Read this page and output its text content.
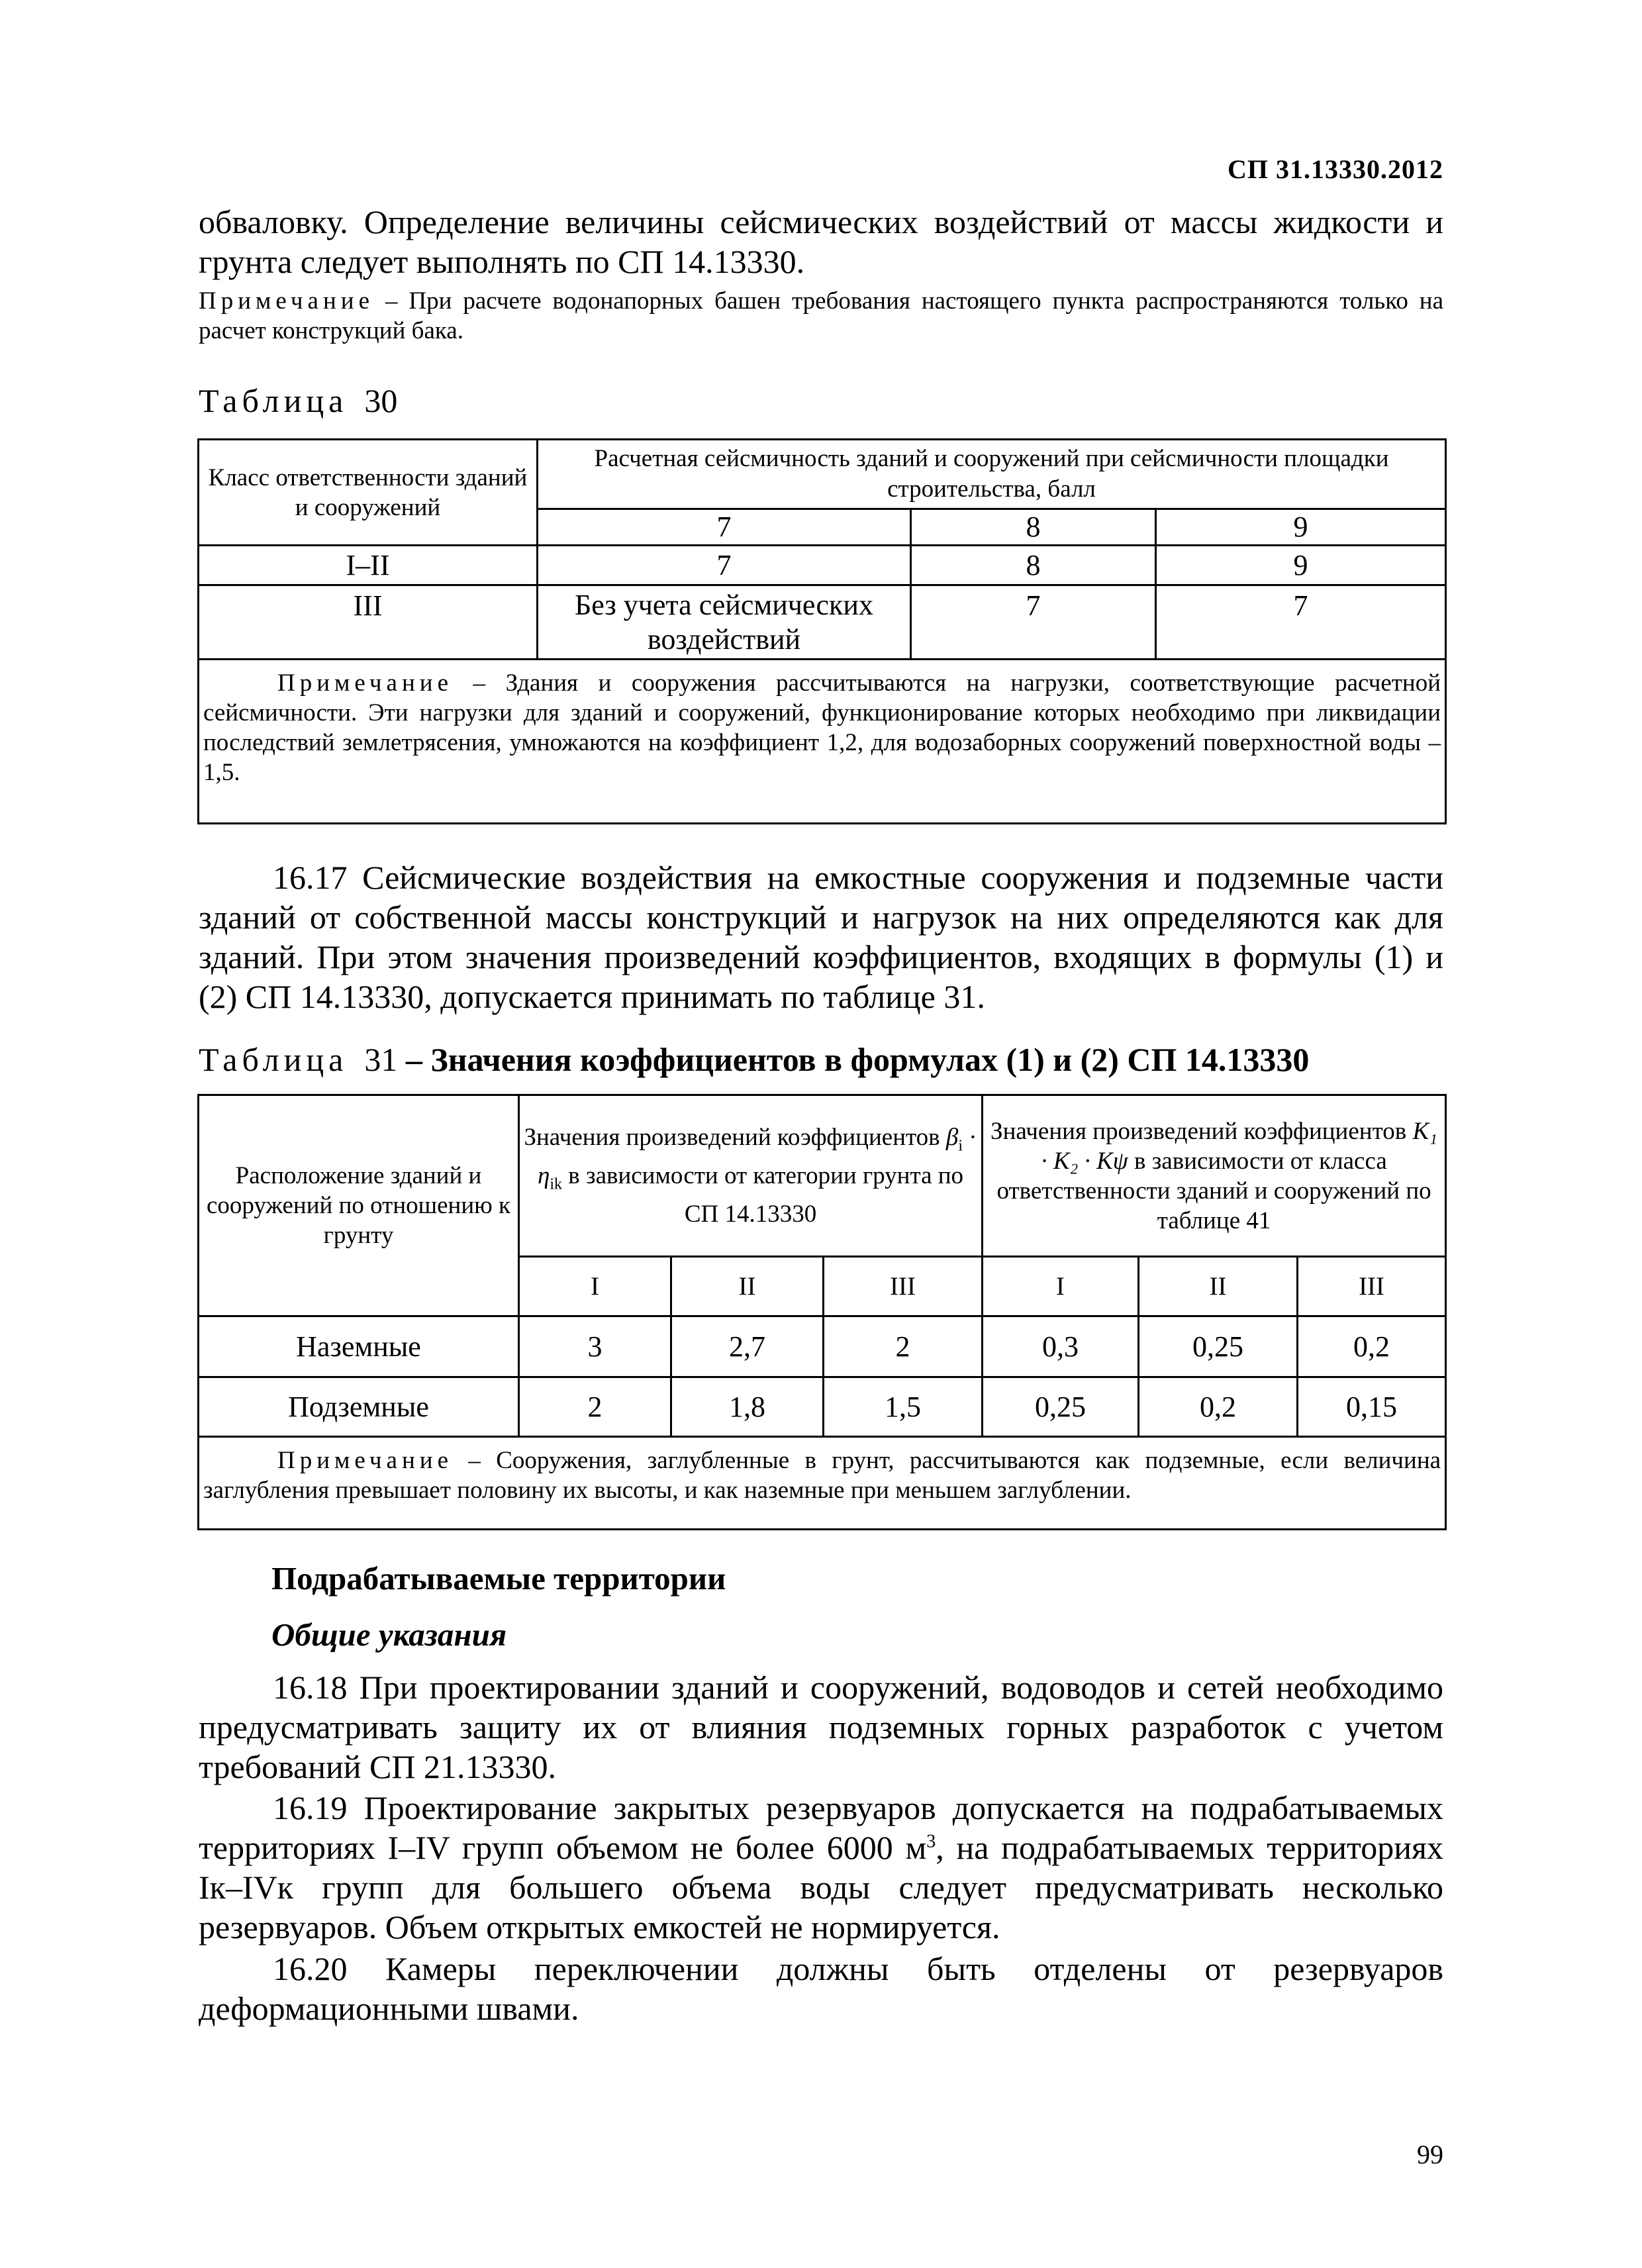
СП 31.13330.2012
обваловку. Определение величины сейсмических воздействий от массы жидкости и грунта следует выполнять по СП 14.13330.
Примечание – При расчете водонапорных башен требования настоящего пункта распространяются только на расчет конструкций бака.
Таблица 30
Класс ответственности зданий и сооружений	Расчетная сейсмичность зданий и сооружений при сейсмичности площадки строительства, балл		
	7	8	9
I–II	7	8	9
III	Без учета сейсмических воздействий	7	7
Примечание – Здания и сооружения рассчитываются на нагрузки, соответствующие расчетной сейсмичности. Эти нагрузки для зданий и сооружений, функционирование которых необходимо при ликвидации последствий землетрясения, умножаются на коэффициент 1,2, для водозаборных сооружений поверхностной воды – 1,5.			
16.17 Сейсмические воздействия на емкостные сооружения и подземные части зданий от собственной массы конструкций и нагрузок на них определяются как для зданий. При этом значения произведений коэффициентов, входящих в формулы (1) и (2) СП 14.13330, допускается принимать по таблице 31.
Таблица 31 – Значения коэффициентов в формулах (1) и (2) СП 14.13330
Расположение зданий и сооружений по отношению к грунту	Значения произведений коэффициентов $\beta_i \cdot \eta_{ik}$ в зависимости от категории грунта по СП 14.13330			Значения произведений коэффициентов K₁ · K₂ · Kψ в зависимости от класса ответственности зданий и сооружений по таблице 41		
	I	II	III	I	II	III
Наземные	3	2,7	2	0,3	0,25	0,2
Подземные	2	1,8	1,5	0,25	0,2	0,15
Примечание – Сооружения, заглубленные в грунт, рассчитываются как подземные, если величина заглубления превышает половину их высоты, и как наземные при меньшем заглублении.						
Подрабатываемые территории
Общие указания
16.18 При проектировании зданий и сооружений, водоводов и сетей необходимо предусматривать защиту их от влияния подземных горных разработок с учетом требований СП 21.13330.
16.19 Проектирование закрытых резервуаров допускается на подрабатываемых территориях I–IV групп объемом не более 6000 $м^3$, на подрабатываемых территориях Iк–IVк групп для большего объема воды следует предусматривать несколько резервуаров. Объем открытых емкостей не нормируется.
16.20 Камеры переключении должны быть отделены от резервуаров деформационными швами.
99
